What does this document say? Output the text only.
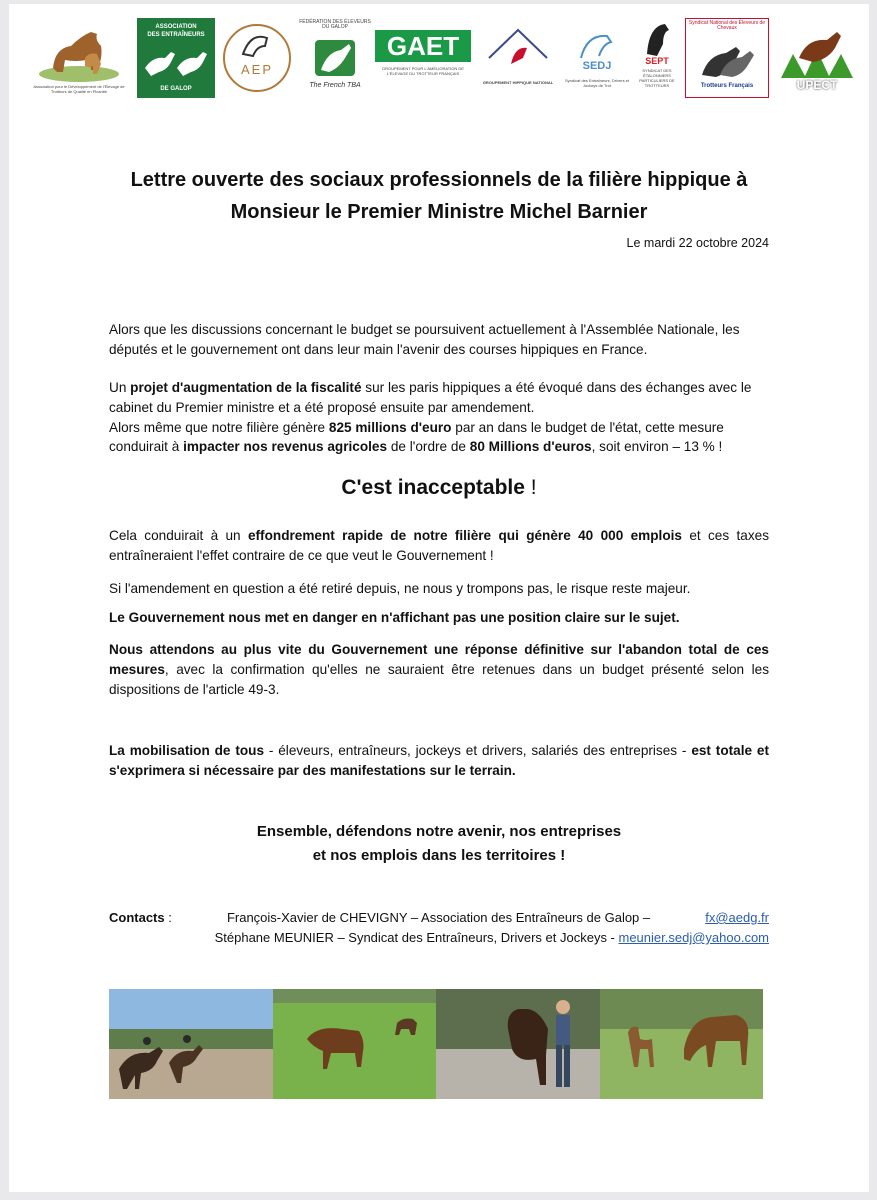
Association pour le Développement de l'Élevage de Trotteurs de Qualité en Picardie
ASSOCIATION
DES ENTRAÎNEURS
DE GALOP
AEP
FÉDÉRATION DES ÉLEVEURS DU GALOP
The French TBA
GAET
GROUPEMENT POUR L'AMÉLIORATION DE L'ÉLEVAGE DU TROTTEUR FRANÇAIS
GROUPEMENT HIPPIQUE NATIONAL
SEDJ
Syndicat des Entraîneurs, Drivers et Jockeys de Trot
SEPT
SYNDICAT DES ÉTALONNIERS PARTICULIERS DE TROTTEURS
Syndicat National des Éleveurs de Chevaux
Trotteurs Français	UPECT
Lettre ouverte des sociaux professionnels de la filière hippique à
Monsieur le Premier Ministre Michel Barnier
Le mardi 22 octobre 2024
Alors que les discussions concernant le budget se poursuivent actuellement à l'Assemblée Nationale, les députés et le gouvernement ont dans leur main l'avenir des courses hippiques en France.
Un projet d'augmentation de la fiscalité sur les paris hippiques a été évoqué dans des échanges avec le cabinet du Premier ministre et a été proposé ensuite par amendement.
Alors même que notre filière génère 825 millions d'euro par an dans le budget de l'état, cette mesure conduirait à impacter nos revenus agricoles de l'ordre de 80 Millions d'euros, soit environ – 13 % !
C'est inacceptable !
Cela conduirait à un effondrement rapide de notre filière qui génère 40 000 emplois et ces taxes entraîneraient l'effet contraire de ce que veut le Gouvernement !
Si l'amendement en question a été retiré depuis, ne nous y trompons pas, le risque reste majeur.
Le Gouvernement nous met en danger en n'affichant pas une position claire sur le sujet.
Nous attendons au plus vite du Gouvernement une réponse définitive sur l'abandon total de ces mesures, avec la confirmation qu'elles ne sauraient être retenues dans un budget présenté selon les dispositions de l'article 49-3.
La mobilisation de tous - éleveurs, entraîneurs, jockeys et drivers, salariés des entreprises - est totale et s'exprimera si nécessaire par des manifestations sur le terrain.
Ensemble, défendons notre avenir, nos entreprises
et nos emplois dans les territoires !
Contacts :	François-Xavier de CHEVIGNY – Association des Entraîneurs de Galop –	fx@aedg.fr
Stéphane MEUNIER – Syndicat des Entraîneurs, Drivers et Jockeys - meunier.sedj@yahoo.com
